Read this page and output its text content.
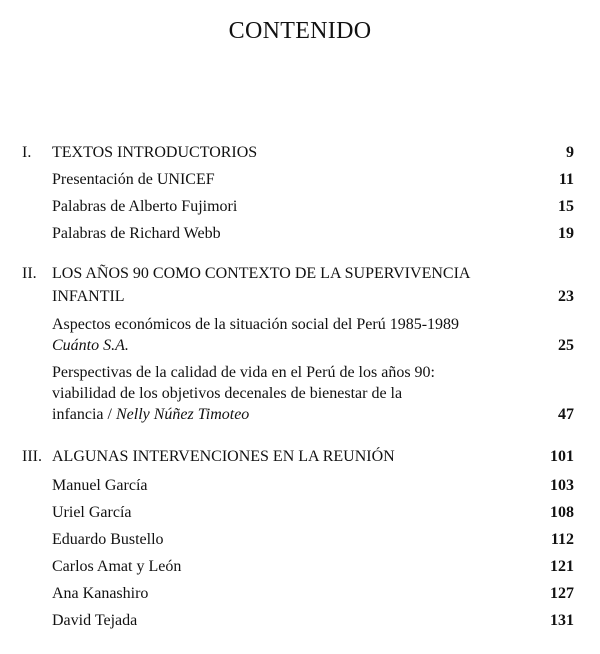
CONTENIDO
I. TEXTOS INTRODUCTORIOS	9
Presentación de UNICEF	11
Palabras de Alberto Fujimori	15
Palabras de Richard Webb	19
II. LOS AÑOS 90 COMO CONTEXTO DE LA SUPERVIVENCIA
INFANTIL	23
Aspectos económicos de la situación social del Perú 1985-1989
Cuánto S.A.	25
Perspectivas de la calidad de vida en el Perú de los años 90:
viabilidad de los objetivos decenales de bienestar de la
infancia / Nelly Núñez Timoteo	47
III. ALGUNAS INTERVENCIONES EN LA REUNIÓN	101
Manuel García	103
Uriel García	108
Eduardo Bustello	112
Carlos Amat y León	121
Ana Kanashiro	127
David Tejada	131
